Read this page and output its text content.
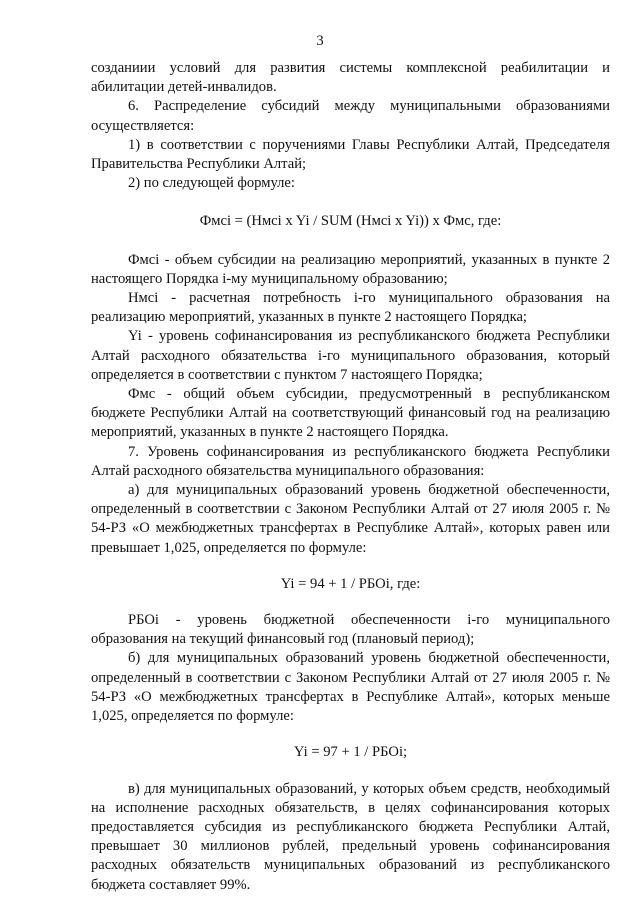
3

созданиии условий для развития системы комплексной реабилитации и абилитации детей-инвалидов.

6. Распределение субсидий между муниципальными образованиями осуществляется:

1) в соответствии с поручениями Главы Республики Алтай, Председателя Правительства Республики Алтай;

2) по следующей формуле:

Фмсi = (Нмсi x Yi / SUM (Нмсi x Yi)) x Фмс, где:

Фмсi - объем субсидии на реализацию мероприятий, указанных в пункте 2 настоящего Порядка i-му муниципальному образованию;

Нмсi - расчетная потребность i-го муниципального образования на реализацию мероприятий, указанных в пункте 2 настоящего Порядка;

Yi - уровень софинансирования из республиканского бюджета Республики Алтай расходного обязательства i-го муниципального образования, который определяется в соответствии с пунктом 7 настоящего Порядка;

Фмс - общий объем субсидии, предусмотренный в республиканском бюджете Республики Алтай на соответствующий финансовый год на реализацию мероприятий, указанных в пункте 2 настоящего Порядка.

7. Уровень софинансирования из республиканского бюджета Республики Алтай расходного обязательства муниципального образования:

а) для муниципальных образований уровень бюджетной обеспеченности, определенный в соответствии с Законом Республики Алтай от 27 июля 2005 г. № 54-РЗ «О межбюджетных трансфертах в Республике Алтай», которых равен или превышает 1,025, определяется по формуле:

Yi = 94 + 1 / РБОi, где:

РБОi - уровень бюджетной обеспеченности i-го муниципального образования на текущий финансовый год (плановый период);

б) для муниципальных образований уровень бюджетной обеспеченности, определенный в соответствии с Законом Республики Алтай от 27 июля 2005 г. № 54-РЗ «О межбюджетных трансфертах в Республике Алтай», которых меньше 1,025, определяется по формуле:

Yi = 97 + 1 / РБОi;

в) для муниципальных образований, у которых объем средств, необходимый на исполнение расходных обязательств, в целях софинансирования которых предоставляется субсидия из республиканского бюджета Республики Алтай, превышает 30 миллионов рублей, предельный уровень софинансирования расходных обязательств муниципальных образований из республиканского бюджета составляет 99%.
